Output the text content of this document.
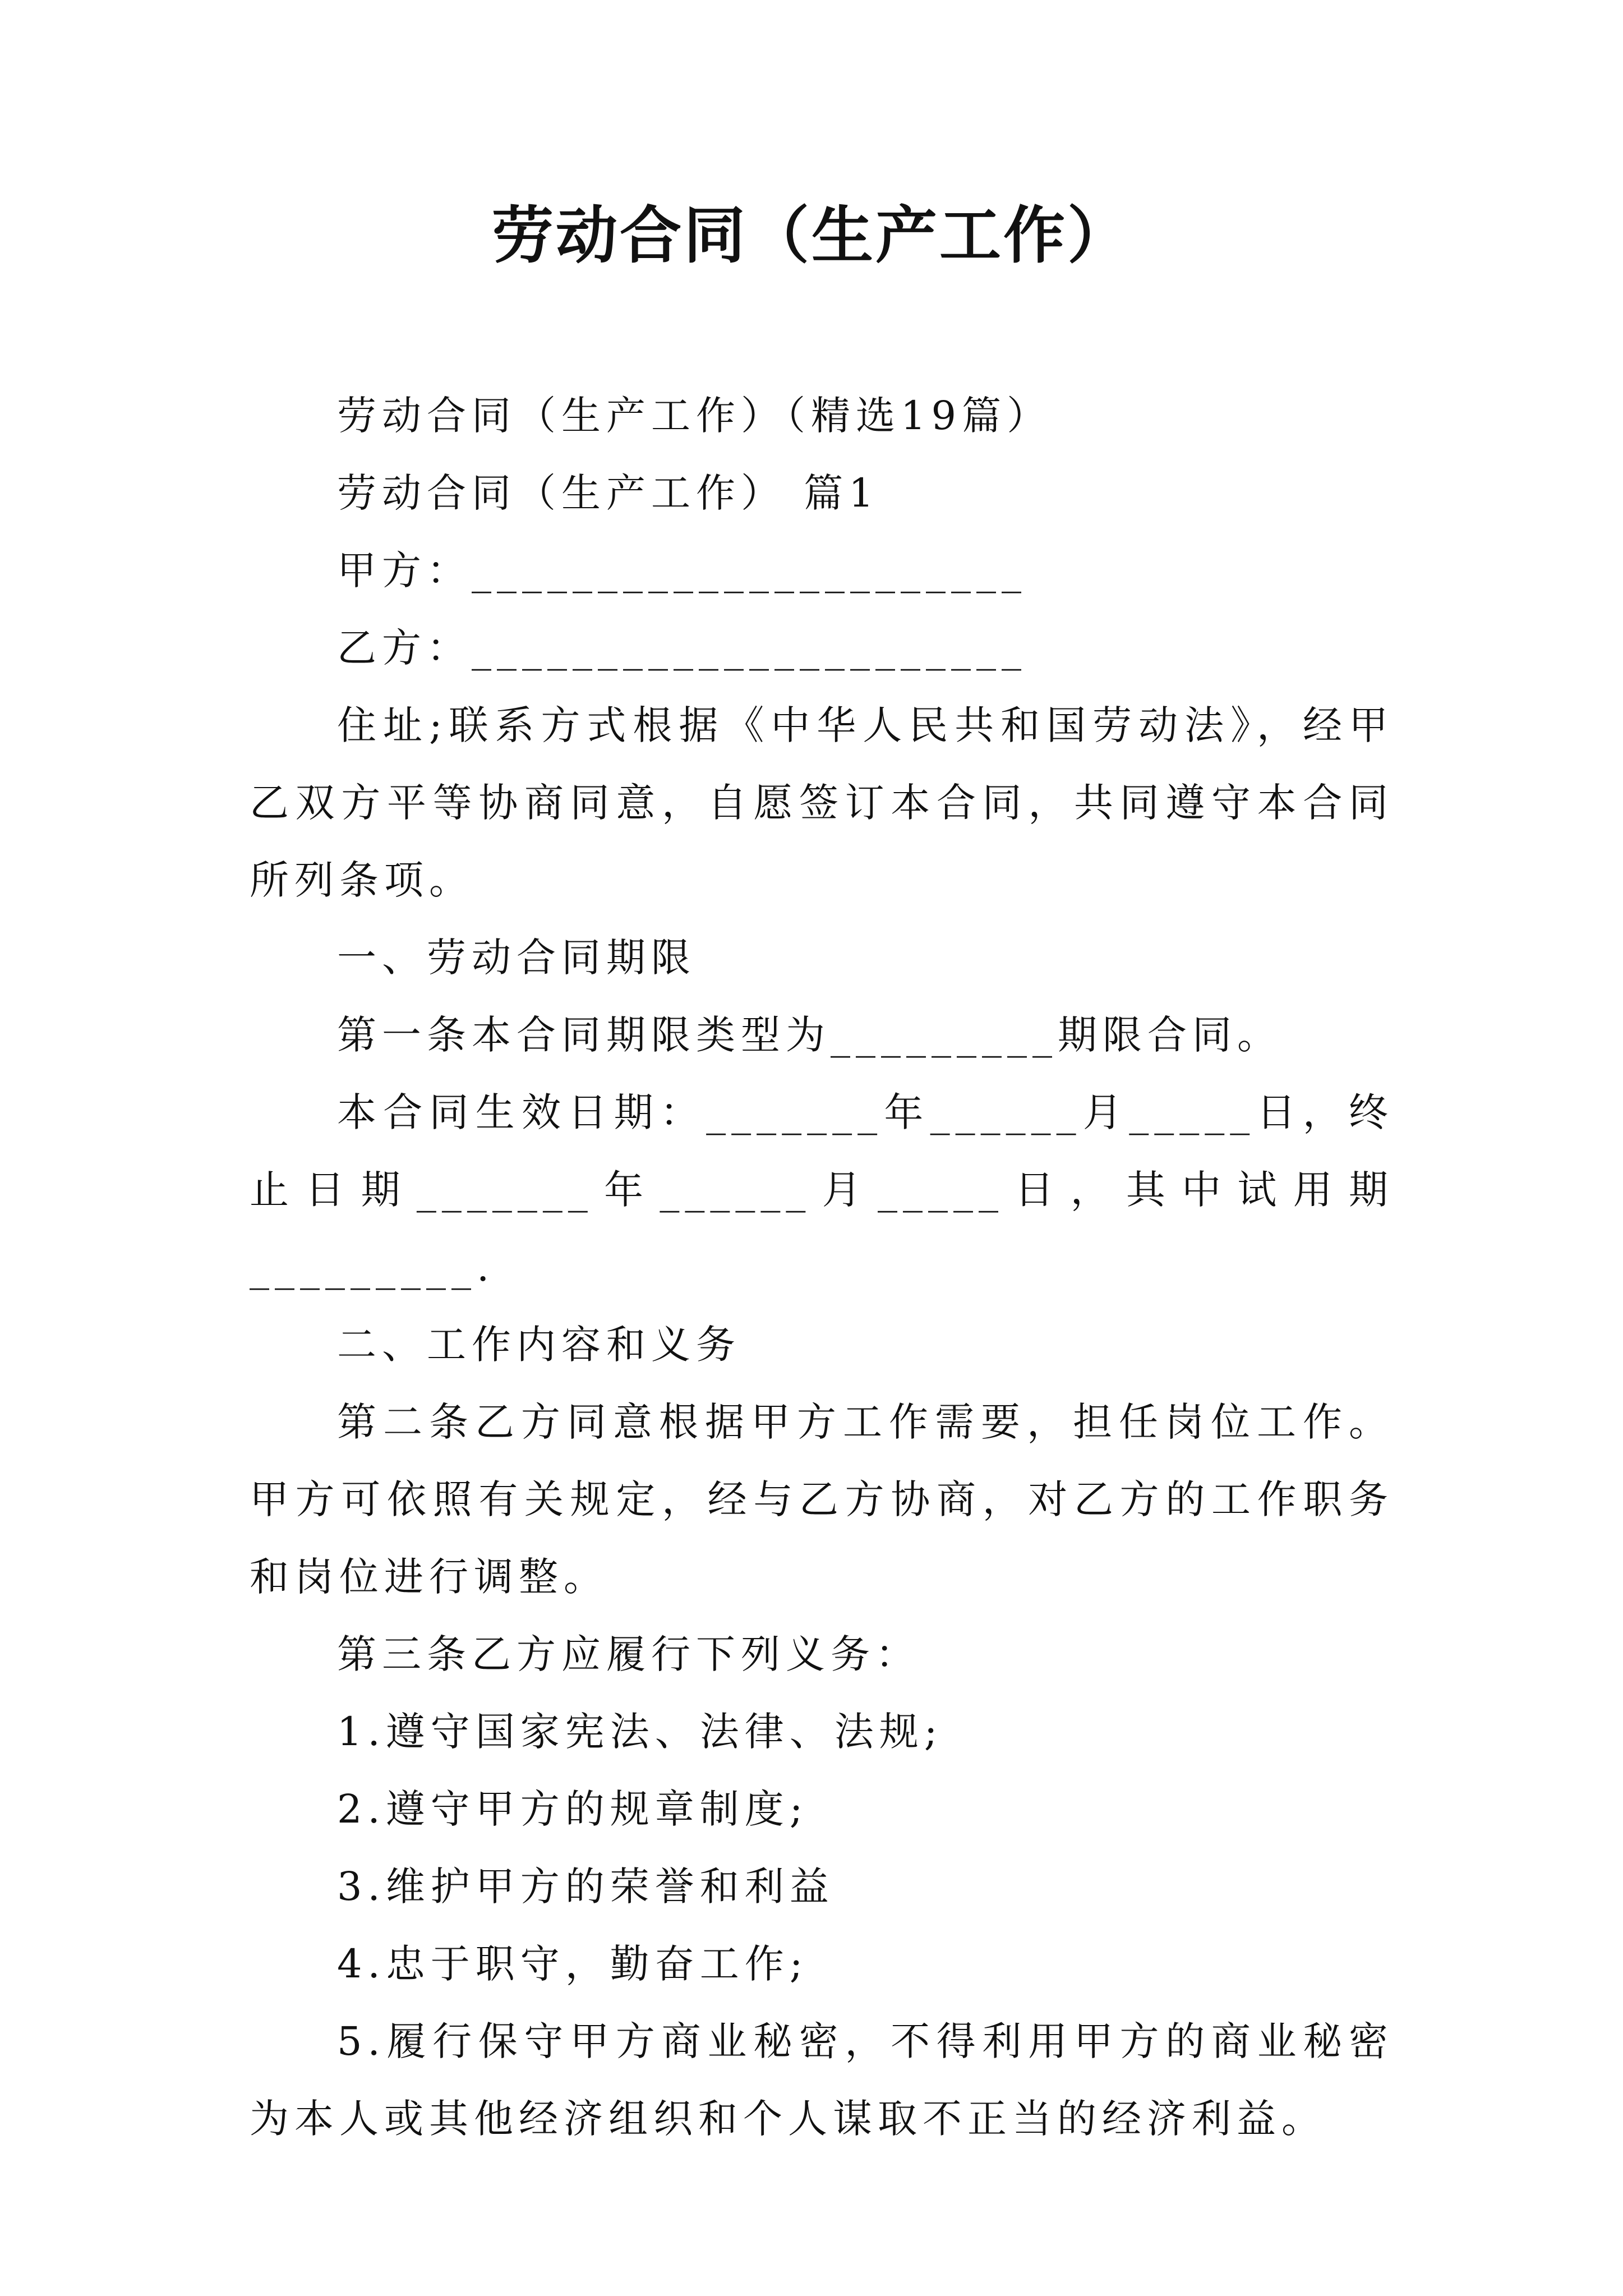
劳动合同（生产工作）

劳动合同（生产工作）（精选19篇）

劳动合同（生产工作） 篇1

甲方：______________________

乙方：______________________

住址;联系方式根据《中华人民共和国劳动法》，经甲乙双方平等协商同意，自愿签订本合同，共同遵守本合同所列条项。

一、劳动合同期限

第一条本合同期限类型为_________期限合同。

本合同生效日期：_______年______月_____日，终止日期_______年______月_____日，其中试用期_________.

二、工作内容和义务

第二条乙方同意根据甲方工作需要，担任岗位工作。甲方可依照有关规定，经与乙方协商，对乙方的工作职务和岗位进行调整。

第三条乙方应履行下列义务：

1.遵守国家宪法、法律、法规;

2.遵守甲方的规章制度;

3.维护甲方的荣誉和利益

4.忠于职守，勤奋工作;

5.履行保守甲方商业秘密，不得利用甲方的商业秘密为本人或其他经济组织和个人谋取不正当的经济利益。
